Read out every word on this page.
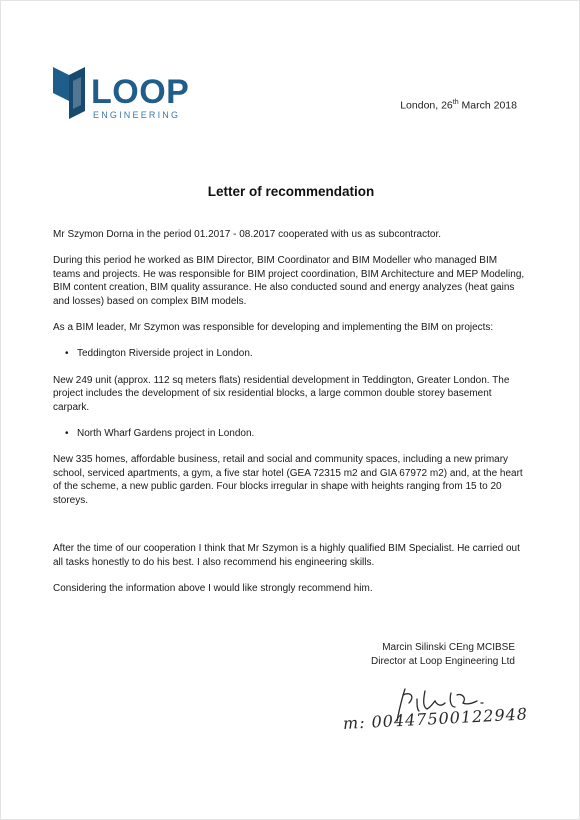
LOOP
ENGINEERING
London, 26th March 2018
Letter of recommendation

Mr Szymon Dorna in the period 01.2017 - 08.2017 cooperated with us as subcontractor.

During this period he worked as BIM Director, BIM Coordinator and BIM Modeller who managed BIM teams and projects. He was responsible for BIM project coordination, BIM Architecture and MEP Modeling, BIM content creation, BIM quality assurance. He also conducted sound and energy analyzes (heat gains and losses) based on complex BIM models.

As a BIM leader, Mr Szymon was responsible for developing and implementing the BIM on projects:

• Teddington Riverside project in London.

New 249 unit (approx. 112 sq meters flats) residential development in Teddington, Greater London. The project includes the development of six residential blocks, a large common double storey basement carpark.

• North Wharf Gardens project in London.

New 335 homes, affordable business, retail and social and community spaces, including a new primary school, serviced apartments, a gym, a five star hotel (GEA 72315 m2 and GIA 67972 m2) and, at the heart of the scheme, a new public garden. Four blocks irregular in shape with heights ranging from 15 to 20 storeys.

After the time of our cooperation I think that Mr Szymon is a highly qualified BIM Specialist. He carried out all tasks honestly to do his best. I also recommend his engineering skills.

Considering the information above I would like strongly recommend him.

Marcin Silinski CEng MCIBSE
Director at Loop Engineering Ltd
m: 00447500122948
